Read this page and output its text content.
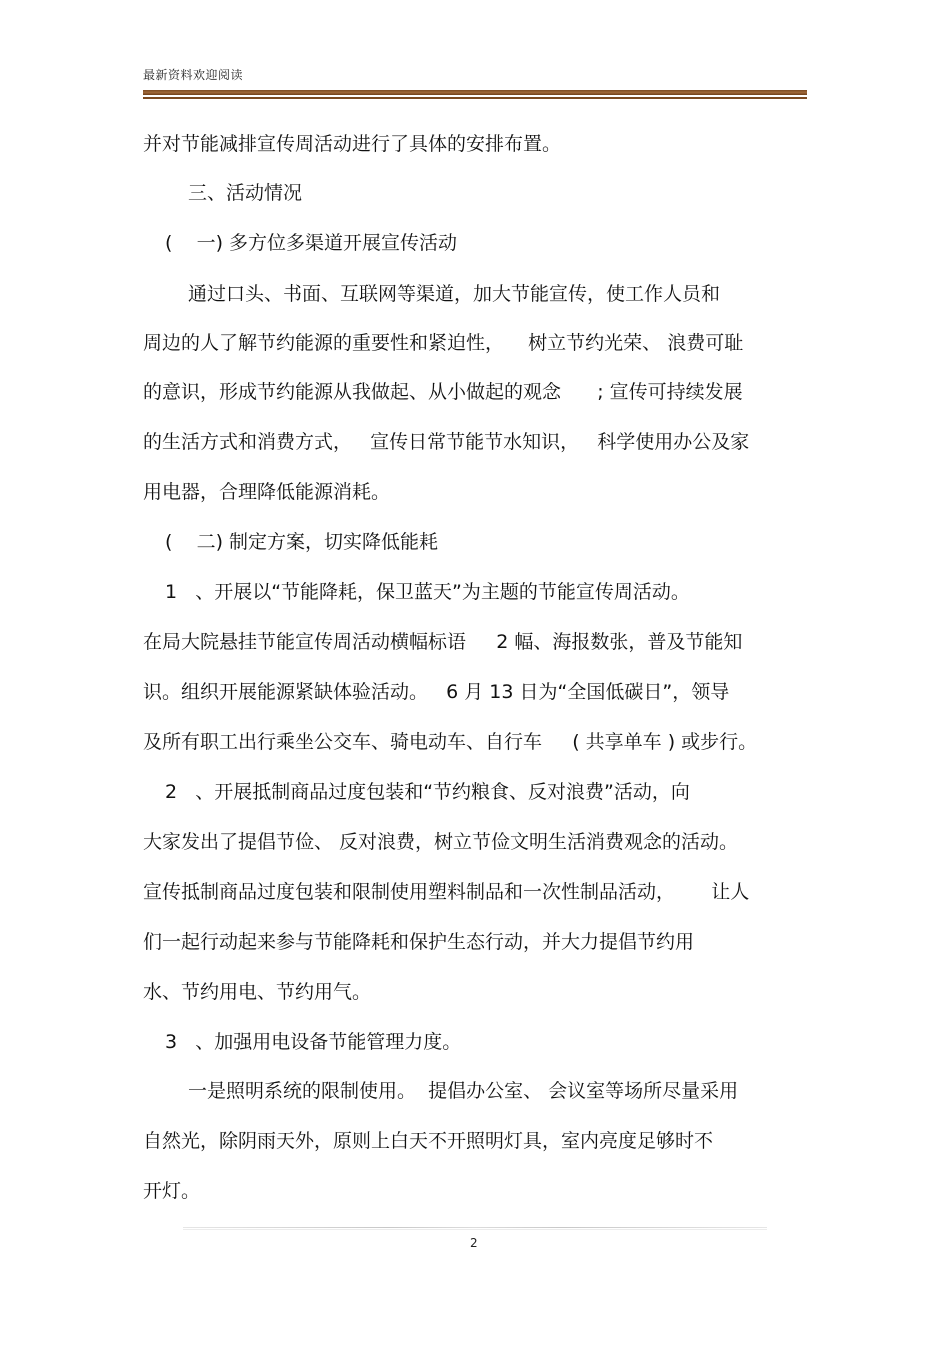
最新资料欢迎阅读
并对节能减排宣传周活动进行了具体的安排布置。
三、活动情况
(    一) 多方位多渠道开展宣传活动
通过口头、书面、互联网等渠道，加大节能宣传，使工作人员和
周边的人了解节约能源的重要性和紧迫性，    树立节约光荣、 浪费可耻
的意识，形成节约能源从我做起、从小做起的观念      ; 宣传可持续发展
的生活方式和消费方式，   宣传日常节能节水知识，   科学使用办公及家
用电器，合理降低能源消耗。
(    二) 制定方案，切实降低能耗
1   、开展以“节能降耗，保卫蓝天”为主题的节能宣传周活动。
在局大院悬挂节能宣传周活动横幅标语     2 幅、海报数张，普及节能知
识。组织开展能源紧缺体验活动。   6 月 13 日为“全国低碳日”，领导
及所有职工出行乘坐公交车、骑电动车、自行车     ( 共享单车 ) 或步行。
2   、开展抵制商品过度包装和“节约粮食、反对浪费”活动，向
大家发出了提倡节俭、 反对浪费，树立节俭文明生活消费观念的活动。
宣传抵制商品过度包装和限制使用塑料制品和一次性制品活动，      让人
们一起行动起来参与节能降耗和保护生态行动，并大力提倡节约用
水、节约用电、节约用气。
3   、加强用电设备节能管理力度。
一是照明系统的限制使用。  提倡办公室、 会议室等场所尽量采用
自然光，除阴雨天外，原则上白天不开照明灯具，室内亮度足够时不
开灯。
2
